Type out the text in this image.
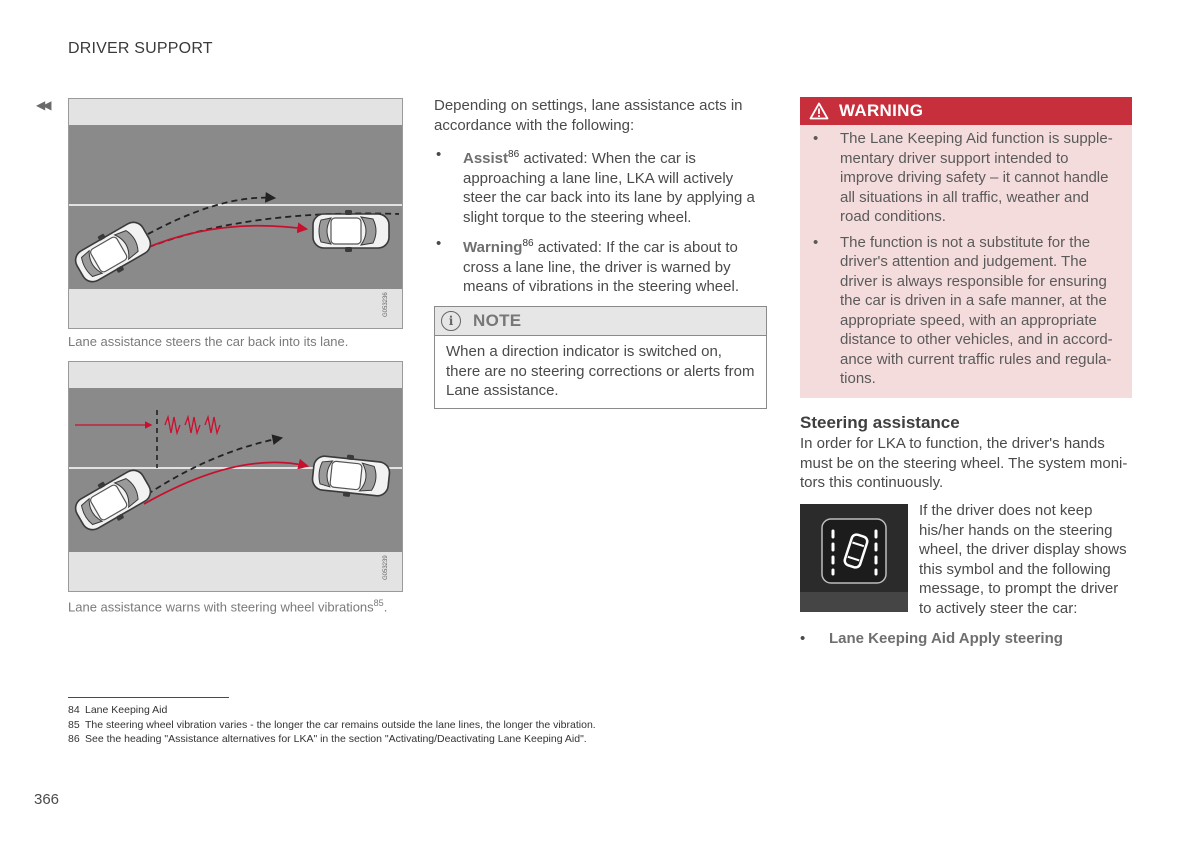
DRIVER SUPPORT
◀◀
G053236
Lane assistance steers the car back into its lane.
G053239
Lane assistance warns with steering wheel vibrations$^{85}$.

Depending on settings, lane assistance acts in accordance with the following:

• Assist$^{86}$ activated: When the car is approaching a lane line, LKA will actively steer the car back into its lane by applying a slight torque to the steering wheel.
• Warning$^{86}$ activated: If the car is about to cross a lane line, the driver is warned by means of vibrations in the steering wheel.
i	NOTE
When a direction indicator is switched on, there are no steering corrections or alerts from Lane assistance.
WARNING
• The Lane Keeping Aid function is supplementary driver support intended to improve driving safety – it cannot handle all situations in all traffic, weather and road conditions.
• The function is not a substitute for the driver's attention and judgement. The driver is always responsible for ensuring the car is driven in a safe manner, at the appropriate speed, with an appropriate distance to other vehicles, and in accordance with current traffic rules and regulations.
Steering assistance
In order for LKA to function, the driver's hands must be on the steering wheel. The system monitors this continuously.
If the driver does not keep his/her hands on the steering wheel, the driver display shows this symbol and the following message, to prompt the driver to actively steer the car:
• Lane Keeping Aid Apply steering
84 Lane Keeping Aid
85 The steering wheel vibration varies - the longer the car remains outside the lane lines, the longer the vibration.
86 See the heading "Assistance alternatives for LKA" in the section "Activating/Deactivating Lane Keeping Aid".
366
